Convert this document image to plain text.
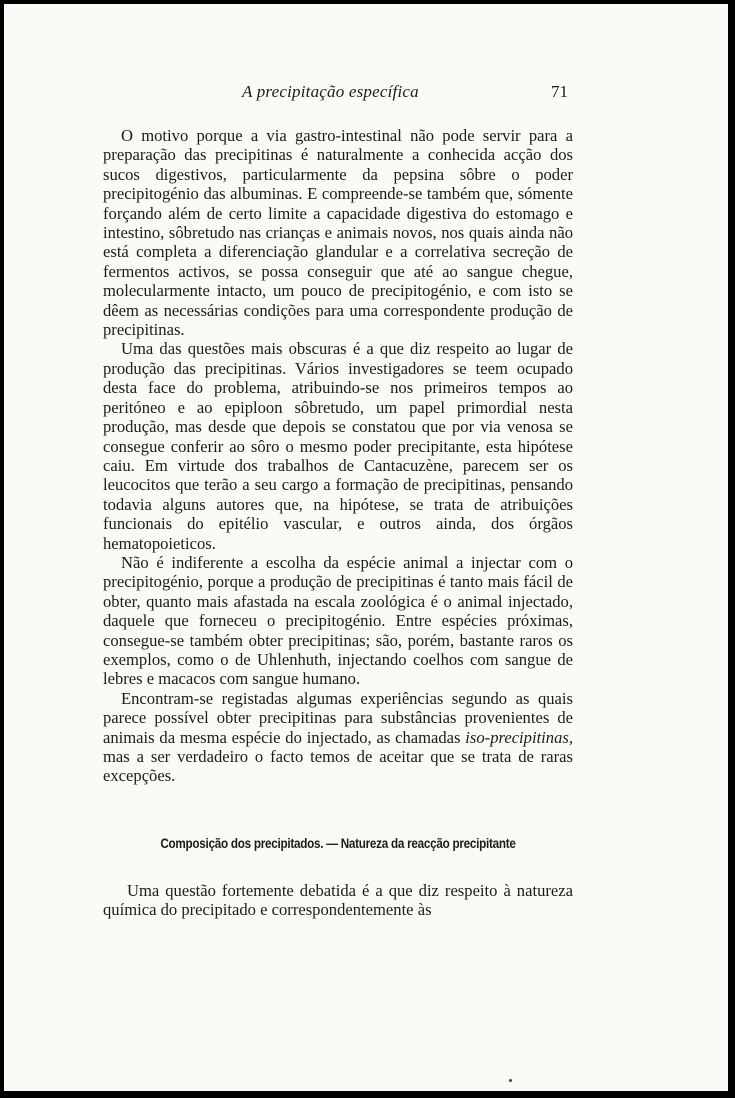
A precipitação específica	71

O motivo porque a via gastro-intestinal não pode servir para a preparação das precipitinas é naturalmente a conhecida acção dos sucos digestivos, particularmente da pepsina sôbre o poder precipitogénio das albuminas. E compreende-se também que, sómente forçando além de certo limite a capacidade digestiva do estomago e intestino, sôbretudo nas crianças e animais novos, nos quais ainda não está completa a diferenciação glandular e a correlativa secreção de fermentos activos, se possa conseguir que até ao sangue chegue, molecularmente intacto, um pouco de precipitogénio, e com isto se dêem as necessárias condições para uma correspondente produção de precipitinas.

Uma das questões mais obscuras é a que diz respeito ao lugar de produção das precipitinas. Vários investigadores se teem ocupado desta face do problema, atribuindo-se nos primeiros tempos ao peritóneo e ao epiploon sôbretudo, um papel primordial nesta produção, mas desde que depois se constatou que por via venosa se consegue conferir ao sôro o mesmo poder precipitante, esta hipótese caiu. Em virtude dos trabalhos de Cantacuzène, parecem ser os leucocitos que terão a seu cargo a formação de precipitinas, pensando todavia alguns autores que, na hipótese, se trata de atribuições funcionais do epitélio vascular, e outros ainda, dos órgãos hematopoieticos.

Não é indiferente a escolha da espécie animal a injectar com o precipitogénio, porque a produção de precipitinas é tanto mais fácil de obter, quanto mais afastada na escala zoológica é o animal injectado, daquele que forneceu o precipitogénio. Entre espécies próximas, consegue-se também obter precipitinas; são, porém, bastante raros os exemplos, como o de Uhlenhuth, injectando coelhos com sangue de lebres e macacos com sangue humano.

Encontram-se registadas algumas experiências segundo as quais parece possível obter precipitinas para substâncias provenientes de animais da mesma espécie do injectado, as chamadas iso-precipitinas, mas a ser verdadeiro o facto temos de aceitar que se trata de raras excepções.

Composição dos precipitados. — Natureza da reacção precipitante

Uma questão fortemente debatida é a que diz respeito à natureza química do precipitado e correspondentemente às
